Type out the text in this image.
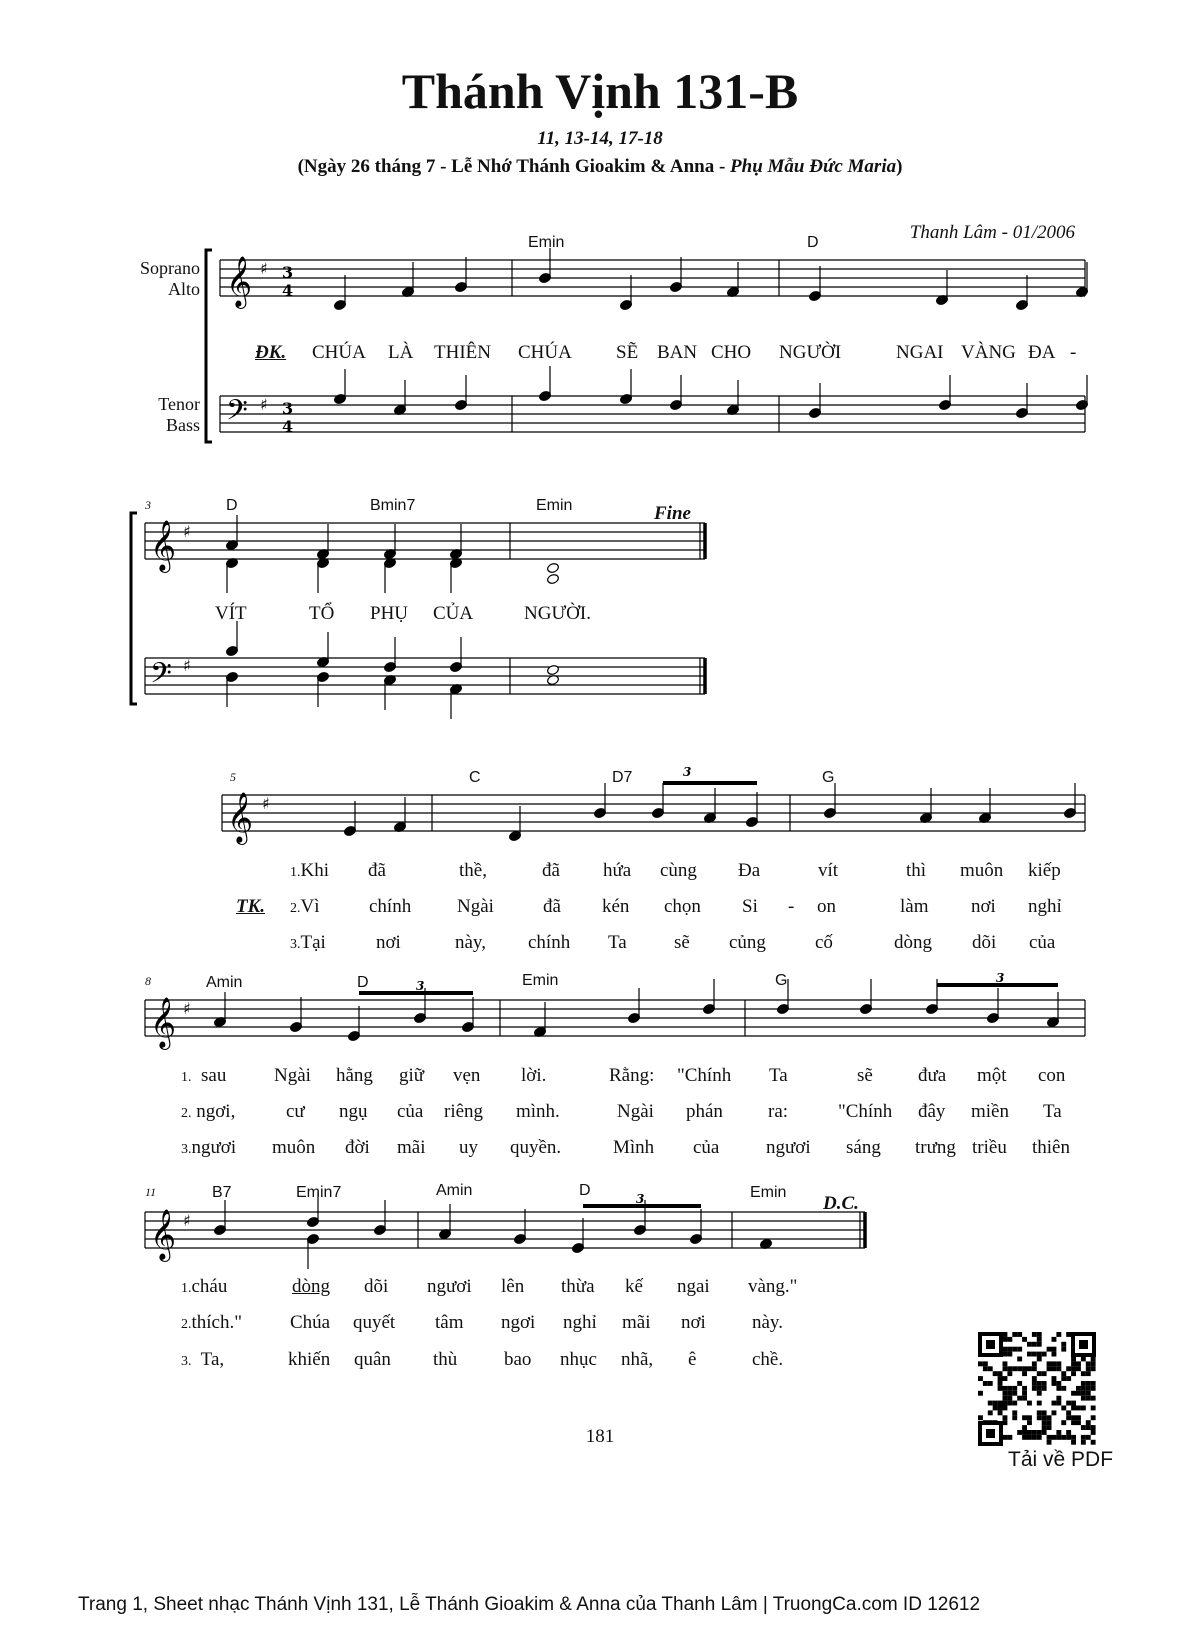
Thánh Vịnh 131-B
11, 13-14, 17-18
(Ngày 26 tháng 7 - Lễ Nhớ Thánh Gioakim & Anna - Phụ Mẫu Đức Maria)
Thanh Lâm - 01/2006
Soprano
Alto
Tenor
Bass
𝄞
𝄢
𝄞
𝄢
𝄞
𝄞
𝄞
♯
♯
3
4
3
4
♯
♯
♯
3
♯
3
3
♯
3
Emin	D
ĐK. CHÚA LÀ THIÊN CHÚA SẼ BAN CHO NGƯỜI	NGAI VÀNG ĐA -
3	D	Bmin7	Emin	Fine
VÍT	TỔ PHỤ CỦA	NGƯỜI.
5	C	D7	G
TK.
1.Khi đã	thề,	đã hứa cùng Đa	vít	thì muôn kiếp
2.Vì	chính Ngài	đã kén chọn Si - on	làm nơi nghỉ
3.Tại	nơi	này, chính Ta sẽ củng	cố	dòng dõi của
8	Amin	D	Emin	G
1. sau	Ngài hằng giữ vẹn lời.	Rằng: "Chính Ta	sẽ đưa một con
2. ngơi,	cư ngụ của riêng mình.	Ngài phán ra:	"Chính đây miền Ta
3.ngươi muôn đời mãi uy quyền.	Mình của ngươi sáng trưng triều thiên
11	B7	Emin7	Amin	D	Emin
D.C.
1.cháu	dòng dõi ngươi lên thừa kế ngai vàng."
2.thích."	Chúa quyết tâm ngơi nghỉ mãi nơi này.
3. Ta,	khiến quân thù bao nhục nhã, ê	chề.
181
Tải về PDF
Trang 1, Sheet nhạc Thánh Vịnh 131, Lễ Thánh Gioakim & Anna của Thanh Lâm | TruongCa.com ID 12612
